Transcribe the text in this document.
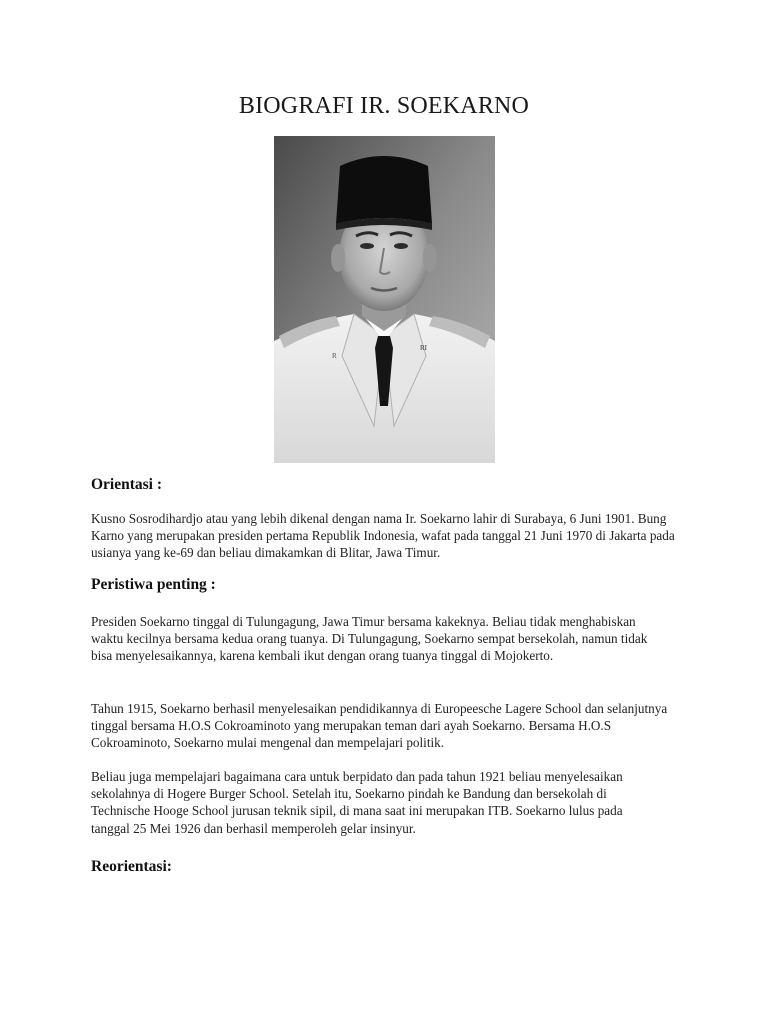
BIOGRAFI IR. SOEKARNO
R
RI

Orientasi :

Kusno Sosrodihardjo atau yang lebih dikenal dengan nama Ir. Soekarno lahir di Surabaya, 6 Juni 1901. Bung Karno yang merupakan presiden pertama Republik Indonesia, wafat pada tanggal 21 Juni 1970 di Jakarta pada usianya yang ke-69 dan beliau dimakamkan di Blitar, Jawa Timur.

Peristiwa penting :

Presiden Soekarno tinggal di Tulungagung, Jawa Timur bersama kakeknya. Beliau tidak menghabiskan waktu kecilnya bersama kedua orang tuanya. Di Tulungagung, Soekarno sempat bersekolah, namun tidak bisa menyelesaikannya, karena kembali ikut dengan orang tuanya tinggal di Mojokerto.

Tahun 1915, Soekarno berhasil menyelesaikan pendidikannya di Europeesche Lagere School dan selanjutnya tinggal bersama H.O.S Cokroaminoto yang merupakan teman dari ayah Soekarno. Bersama H.O.S Cokroaminoto, Soekarno mulai mengenal dan mempelajari politik.

Beliau juga mempelajari bagaimana cara untuk berpidato dan pada tahun 1921 beliau menyelesaikan sekolahnya di Hogere Burger School. Setelah itu, Soekarno pindah ke Bandung dan bersekolah di Technische Hooge School jurusan teknik sipil, di mana saat ini merupakan ITB. Soekarno lulus pada tanggal 25 Mei 1926 dan berhasil memperoleh gelar insinyur.

Reorientasi:
